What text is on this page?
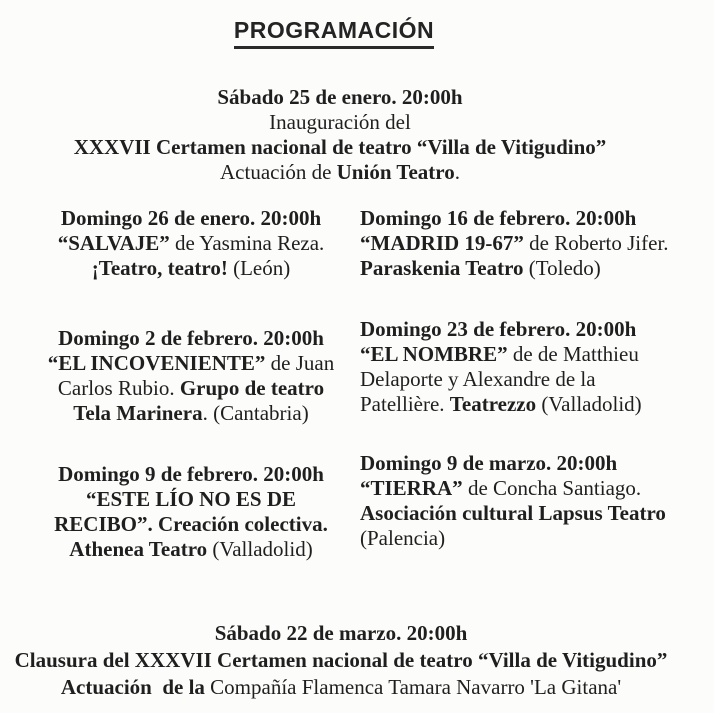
PROGRAMACIÓN
Sábado 25 de enero. 20:00h
Inauguración del
XXXVII Certamen nacional de teatro “Villa de Vitigudino”
Actuación de Unión Teatro.
Domingo 26 de enero. 20:00h
“SALVAJE” de Yasmina Reza.
¡Teatro, teatro! (León)
Domingo 16 de febrero. 20:00h
“MADRID 19-67” de Roberto Jifer.
Paraskenia Teatro (Toledo)
Domingo 2 de febrero. 20:00h
“EL INCOVENIENTE” de Juan
Carlos Rubio. Grupo de teatro
Tela Marinera. (Cantabria)
Domingo 23 de febrero. 20:00h
“EL NOMBRE” de de Matthieu
Delaporte y Alexandre de la
Patellière. Teatrezzo (Valladolid)
Domingo 9 de febrero. 20:00h
“ESTE LÍO NO ES DE
RECIBO”. Creación colectiva.
Athenea Teatro (Valladolid)
Domingo 9 de marzo. 20:00h
“TIERRA” de Concha Santiago.
Asociación cultural Lapsus Teatro
(Palencia)
Sábado 22 de marzo. 20:00h
Clausura del XXXVII Certamen nacional de teatro “Villa de Vitigudino”
Actuación  de la Compañía Flamenca Tamara Navarro 'La Gitana'
